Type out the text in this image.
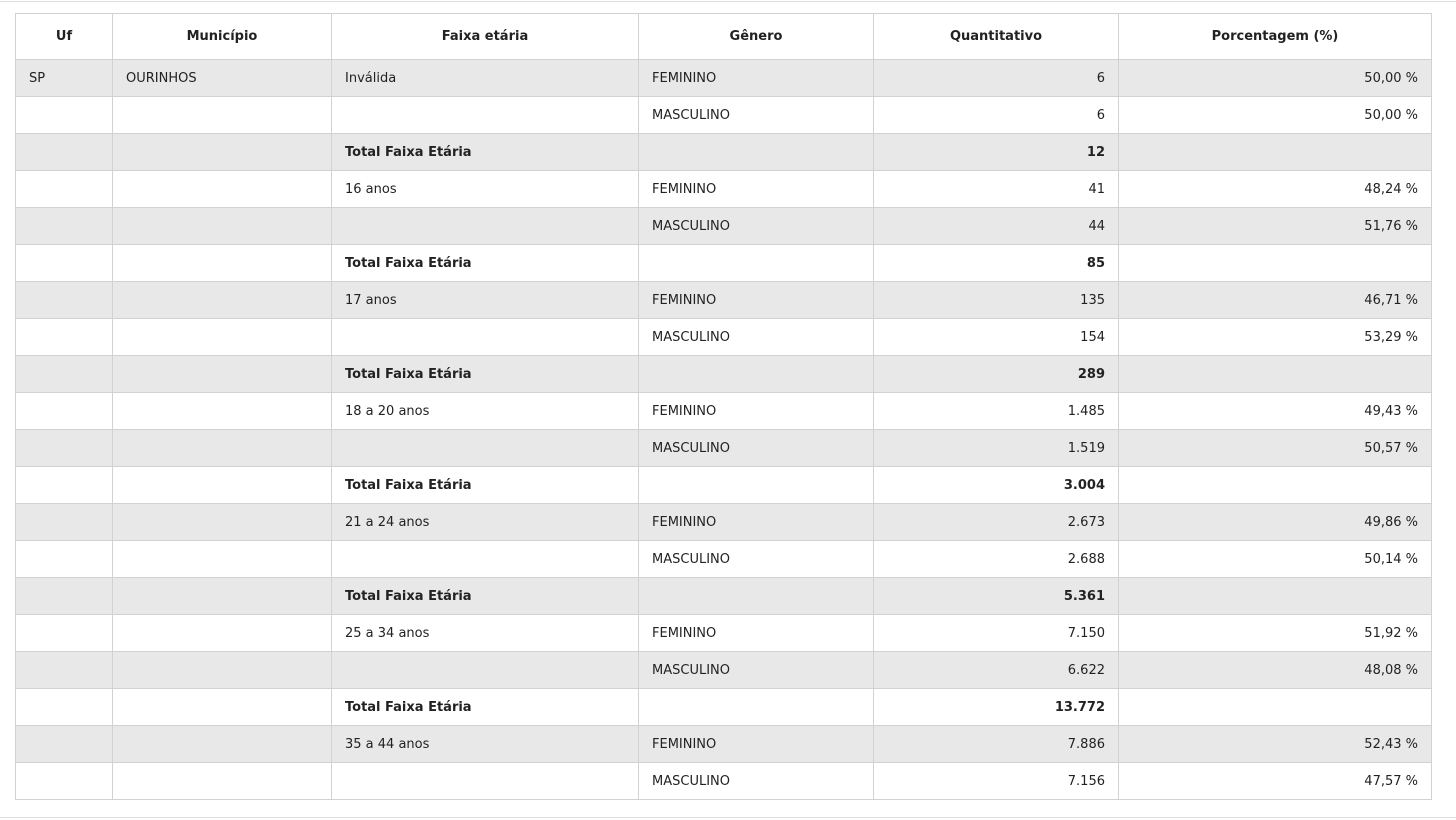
Uf	Município	Faixa etária	Gênero	Quantitativo	Porcentagem (%)
SP	OURINHOS	Inválida	FEMININO	6	50,00 %
			MASCULINO	6	50,00 %
		Total Faixa Etária		12	
		16 anos	FEMININO	41	48,24 %
			MASCULINO	44	51,76 %
		Total Faixa Etária		85	
		17 anos	FEMININO	135	46,71 %
			MASCULINO	154	53,29 %
		Total Faixa Etária		289	
		18 a 20 anos	FEMININO	1.485	49,43 %
			MASCULINO	1.519	50,57 %
		Total Faixa Etária		3.004	
		21 a 24 anos	FEMININO	2.673	49,86 %
			MASCULINO	2.688	50,14 %
		Total Faixa Etária		5.361	
		25 a 34 anos	FEMININO	7.150	51,92 %
			MASCULINO	6.622	48,08 %
		Total Faixa Etária		13.772	
		35 a 44 anos	FEMININO	7.886	52,43 %
			MASCULINO	7.156	47,57 %
